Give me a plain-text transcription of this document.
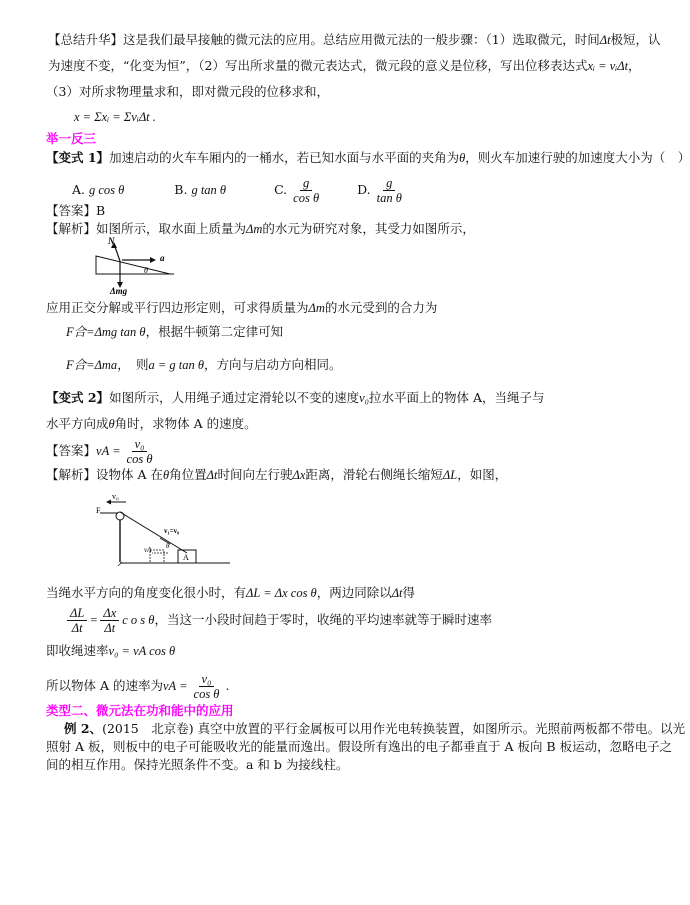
【总结升华】这是我们最早接触的微元法的应用。总结应用微元法的一般步骤：（1）选取微元，时间Δt极短，认
为速度不变，“化变为恒”，（2）写出所求量的微元表达式，微元段的意义是位移，写出位移表达式xᵢ = vᵢΔt，
（3）对所求物理量求和，即对微元段的位移求和，
x = Σxᵢ = ΣvᵢΔt .
举一反三
【变式 1】加速启动的火车车厢内的一桶水，若已知水面与水平面的夹角为θ，则火车加速行驶的加速度大小为（　）
A. g cos θ	B. g tan θ	C. $\frac{g}{\text{cos θ}}$	D. $\frac{g}{\text{tan θ}}$
【答案】B
【解析】如图所示，取水面上质量为Δm的水元为研究对象，其受力如图所示，
N
a
θ
Δmg
应用正交分解或平行四边形定则，可求得质量为Δm的水元受到的合力为
F合=Δmg tan θ，根据牛顿第二定律可知
F合=Δma，　则a = g tan θ，方向与启动方向相同。
【变式 2】如图所示，人用绳子通过定滑轮以不变的速度v₀拉水平面上的物体 A，当绳子与
水平方向成θ角时，求物体 A 的速度。
【答案】vA = $\frac{\text{v₀}}{\text{cos θ}}$
【解析】设物体 A 在θ角位置Δt时间向左行驶Δx距离，滑轮右侧绳长缩短ΔL，如图，
v₀
F
v₁=v₀
vA θ
A
当绳水平方向的角度变化很小时，有ΔL = Δx cos θ，两边同除以Δt得
$\frac{\Delta L}{\Delta t} = \frac{\Delta x}{\Delta t}$ c o s θ，当这一小段时间趋于零时，收绳的平均速率就等于瞬时速率
即收绳速率v₀ = vA cos θ
所以物体 A 的速率为vA = $\frac{\text{v₀}}{\text{cos θ}}$ .
类型二、微元法在功和能中的应用
例 2、(2015　北京卷) 真空中放置的平行金属板可以用作光电转换装置，如图所示。光照前两板都不带电。以光
照射 A 板，则板中的电子可能吸收光的能量而逸出。假设所有逸出的电子都垂直于 A 板向 B 板运动，忽略电子之
间的相互作用。保持光照条件不变。a 和 b 为接线柱。
